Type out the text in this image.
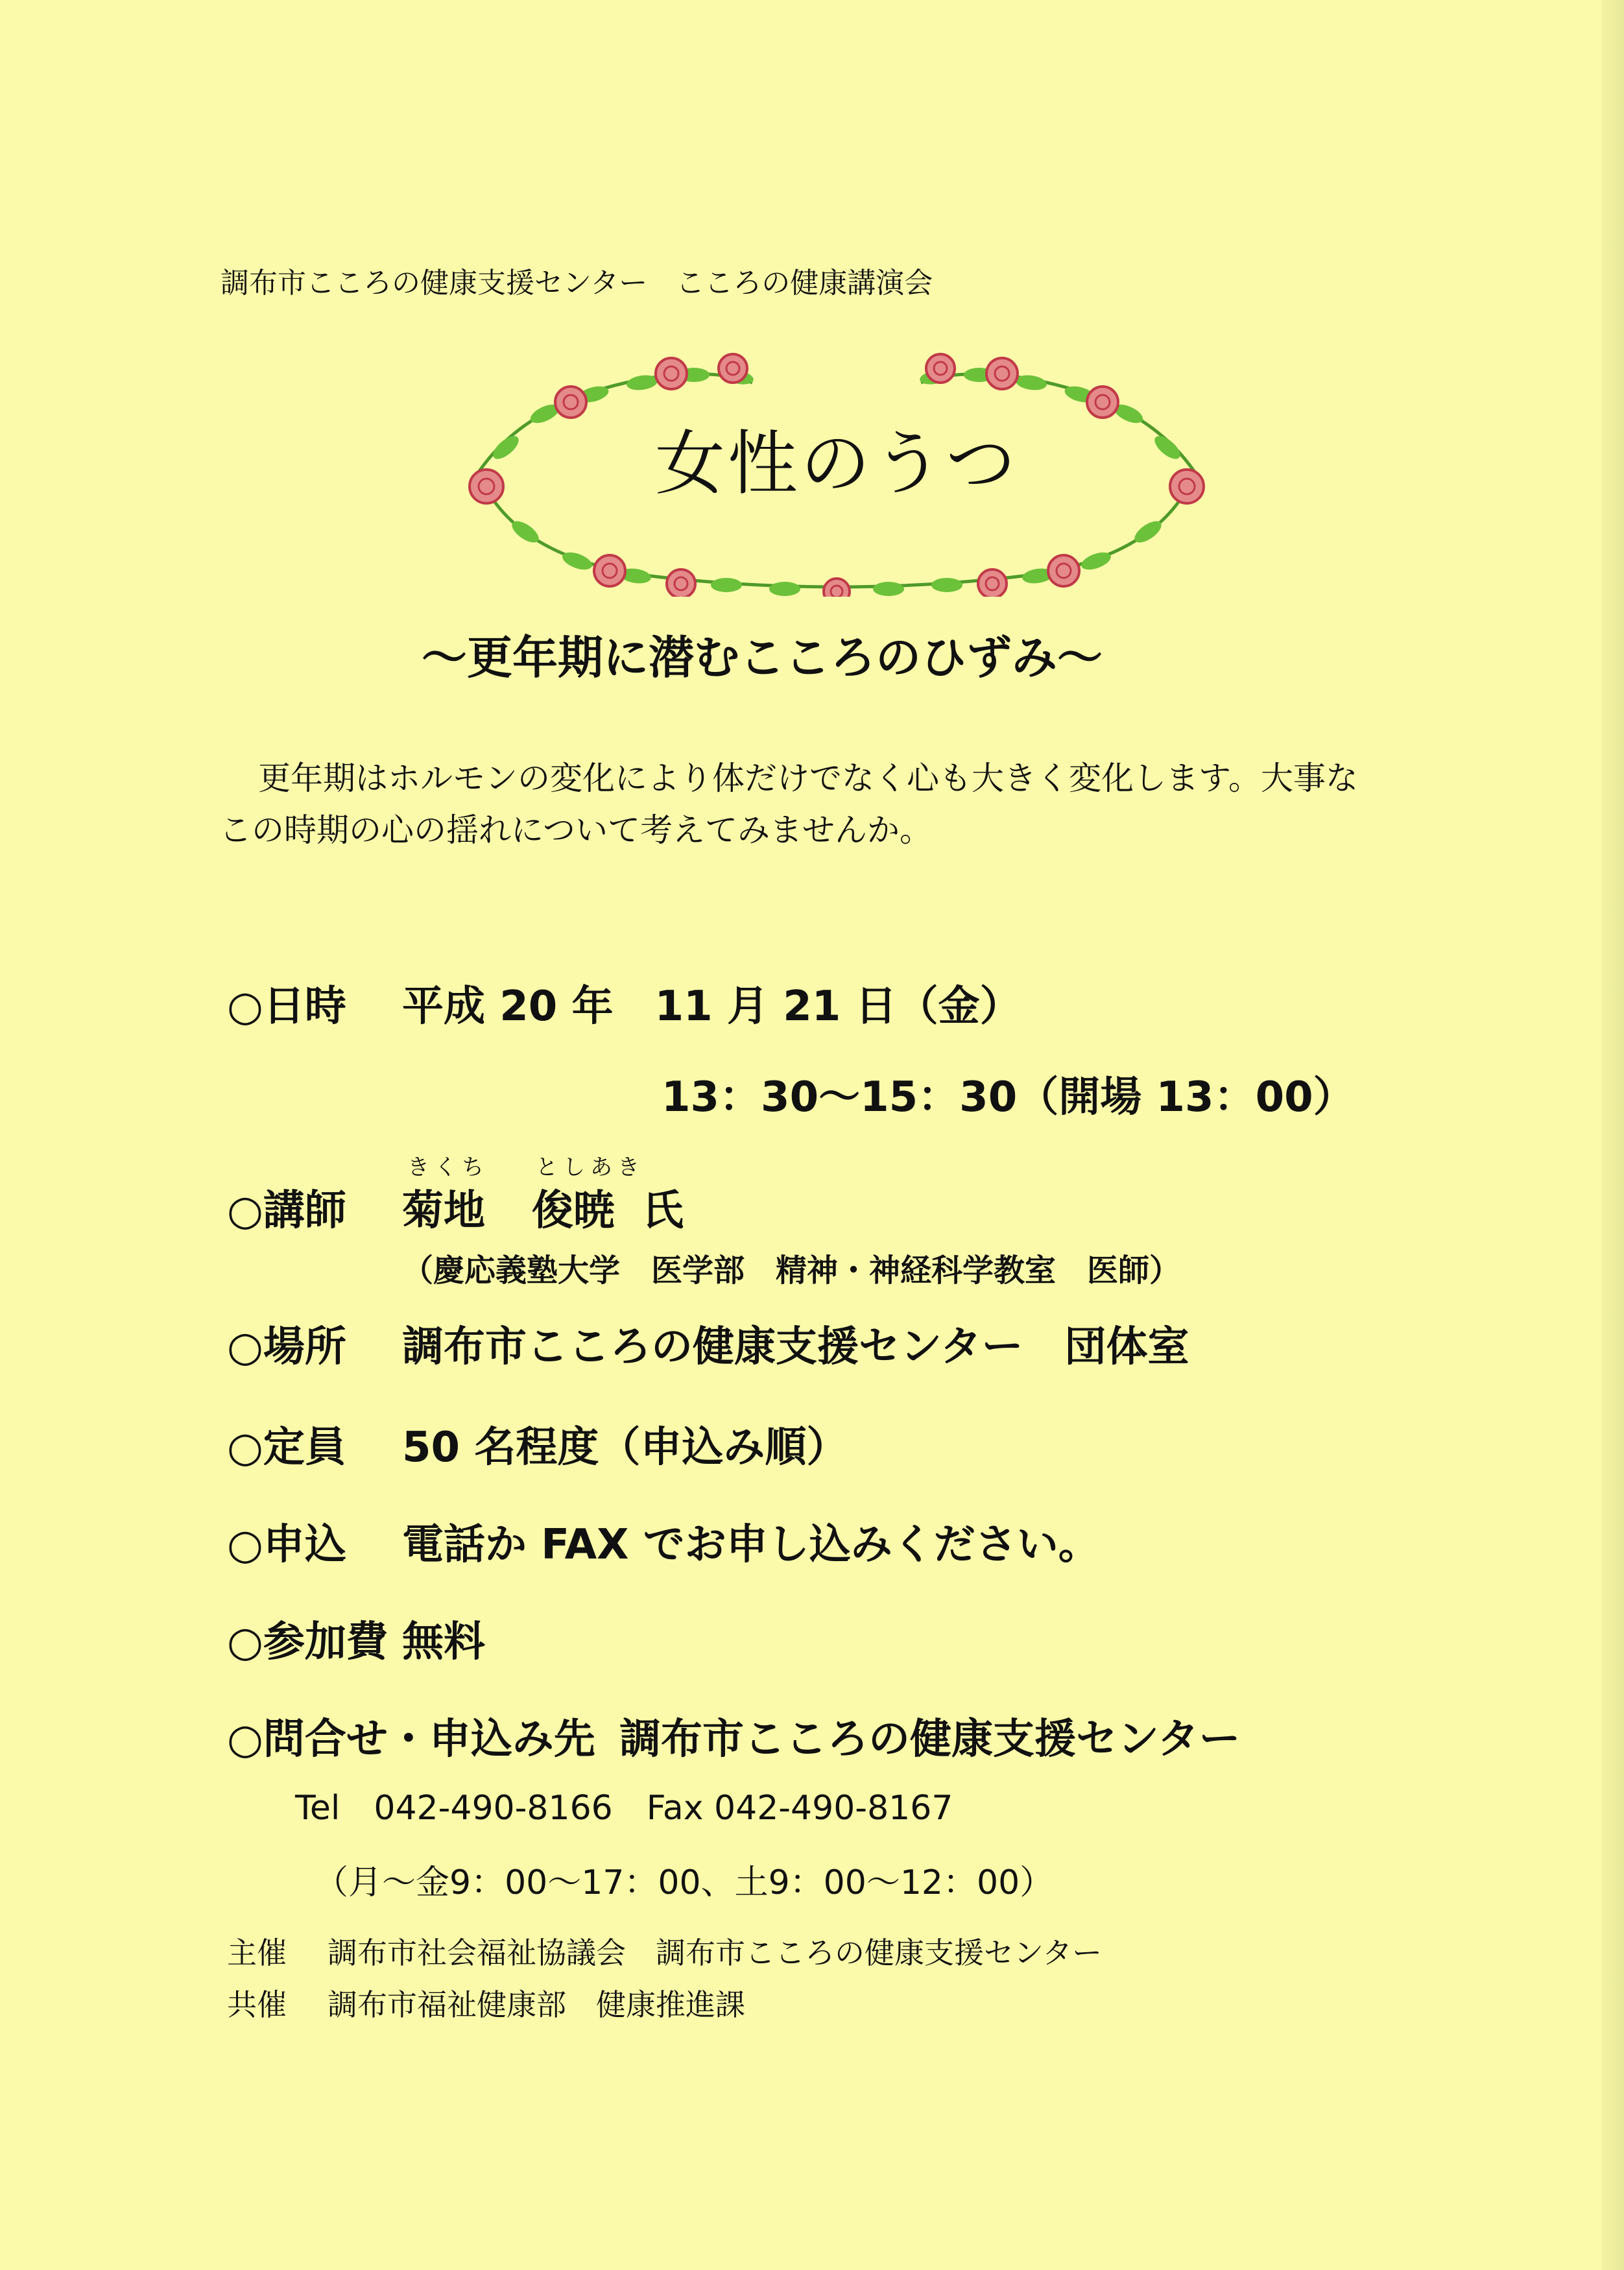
調布市こころの健康支援センター　こころの健康講演会
女性のうつ
～更年期に潜むこころのひずみ～
更年期はホルモンの変化により体だけでなく心も大きく変化します。大事な
この時期の心の揺れについて考えてみませんか。
○日時 平成 20 年　11 月 21 日（金）
13：30～15：30（開場 13：00）
○講師
きくち
菊地
としあき
俊暁 氏
（慶応義塾大学　医学部　精神・神経科学教室　医師）
○場所 調布市こころの健康支援センター　団体室
○定員 50 名程度（申込み順）
○申込 電話か FAX でお申し込みください。
○参加費 無料
○問合せ・申込み先 調布市こころの健康支援センター
Tel　042-490-8166　Fax 042-490-8167
（月～金9：00～17：00、土9：00～12：00）
主催 調布市社会福祉協議会　調布市こころの健康支援センター
共催 調布市福祉健康部　健康推進課
